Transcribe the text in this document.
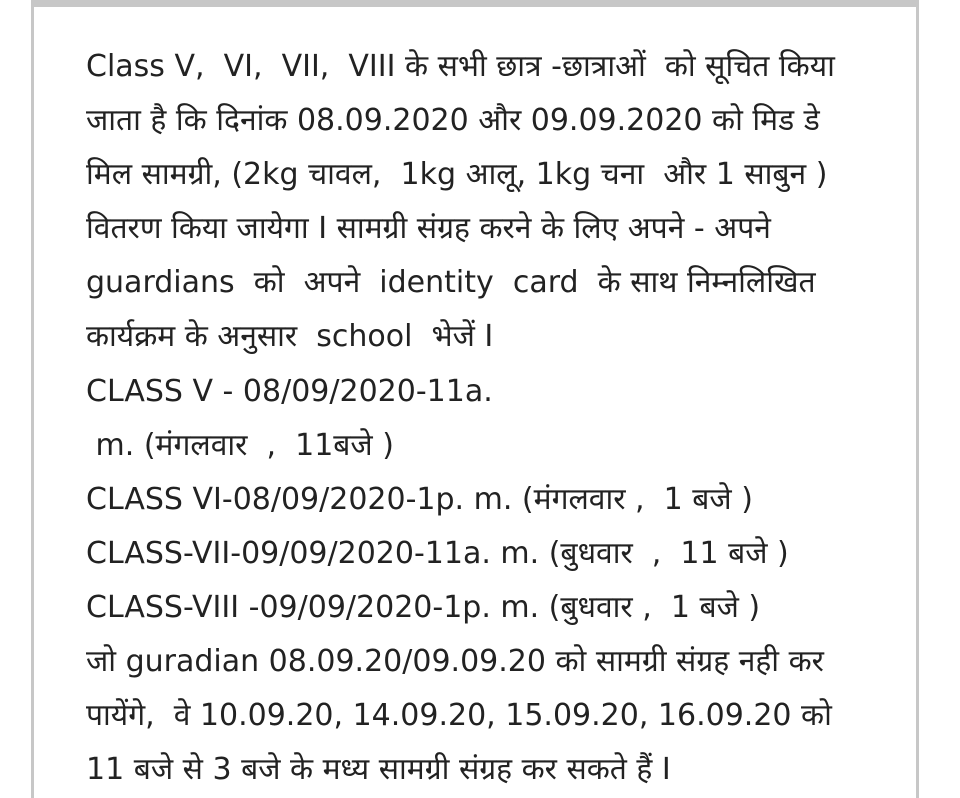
Class V,  VI,  VII,  VIII के सभी छात्र -छात्राओं  को सूचित किया
जाता है कि दिनांक 08.09.2020 और 09.09.2020 को मिड डे
मिल सामग्री, (2kg चावल,  1kg आलू, 1kg चना  और 1 साबुन )
वितरण किया जायेगा I सामग्री संग्रह करने के लिए अपने - अपने
guardians  को  अपने  identity  card  के साथ निम्नलिखित
कार्यक्रम के अनुसार  school  भेजें I
CLASS V - 08/09/2020-11a.
m. (मंगलवार  ,  11बजे )
CLASS VI-08/09/2020-1p. m. (मंगलवार ,  1 बजे )
CLASS-VII-09/09/2020-11a. m. (बुधवार  ,  11 बजे )
CLASS-VIII -09/09/2020-1p. m. (बुधवार ,  1 बजे )
जो guradian 08.09.20/09.09.20 को सामग्री संग्रह नही कर
पायेंगे,  वे 10.09.20, 14.09.20, 15.09.20, 16.09.20 को
11 बजे से 3 बजे के मध्य सामग्री संग्रह कर सकते हैं I
